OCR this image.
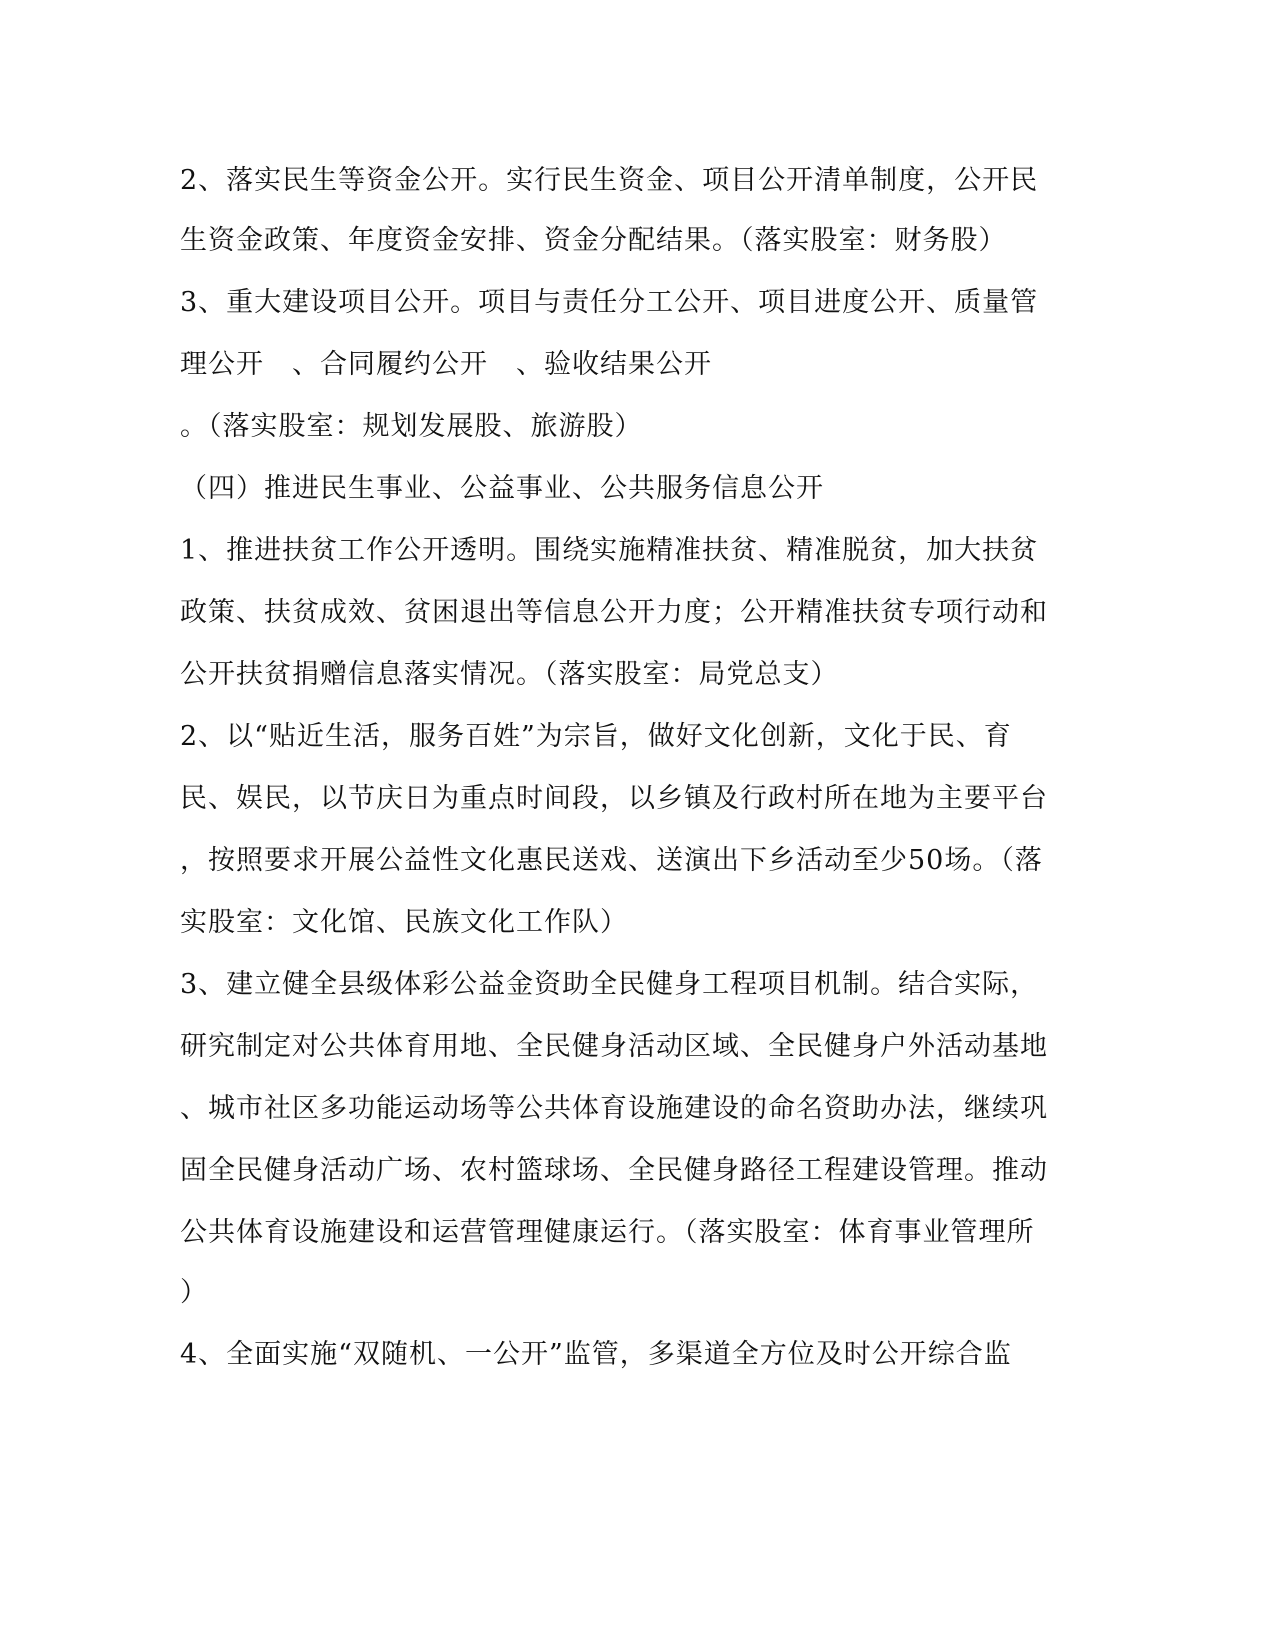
2、落实民生等资金公开。实行民生资金、项目公开清单制度，公开民
生资金政策、年度资金安排、资金分配结果。（落实股室：财务股）
3、重大建设项目公开。项目与责任分工公开、项目进度公开、质量管
理公开　、合同履约公开　、验收结果公开
。（落实股室：规划发展股、旅游股）
（四）推进民生事业、公益事业、公共服务信息公开
1、推进扶贫工作公开透明。围绕实施精准扶贫、精准脱贫，加大扶贫
政策、扶贫成效、贫困退出等信息公开力度；公开精准扶贫专项行动和
公开扶贫捐赠信息落实情况。（落实股室：局党总支）
2、以“贴近生活，服务百姓”为宗旨，做好文化创新，文化于民、育
民、娱民，以节庆日为重点时间段，以乡镇及行政村所在地为主要平台
，按照要求开展公益性文化惠民送戏、送演出下乡活动至少50场。（落
实股室：文化馆、民族文化工作队）
3、建立健全县级体彩公益金资助全民健身工程项目机制。结合实际，
研究制定对公共体育用地、全民健身活动区域、全民健身户外活动基地
、城市社区多功能运动场等公共体育设施建设的命名资助办法，继续巩
固全民健身活动广场、农村篮球场、全民健身路径工程建设管理。推动
公共体育设施建设和运营管理健康运行。（落实股室：体育事业管理所
）
4、全面实施“双随机、一公开”监管，多渠道全方位及时公开综合监
